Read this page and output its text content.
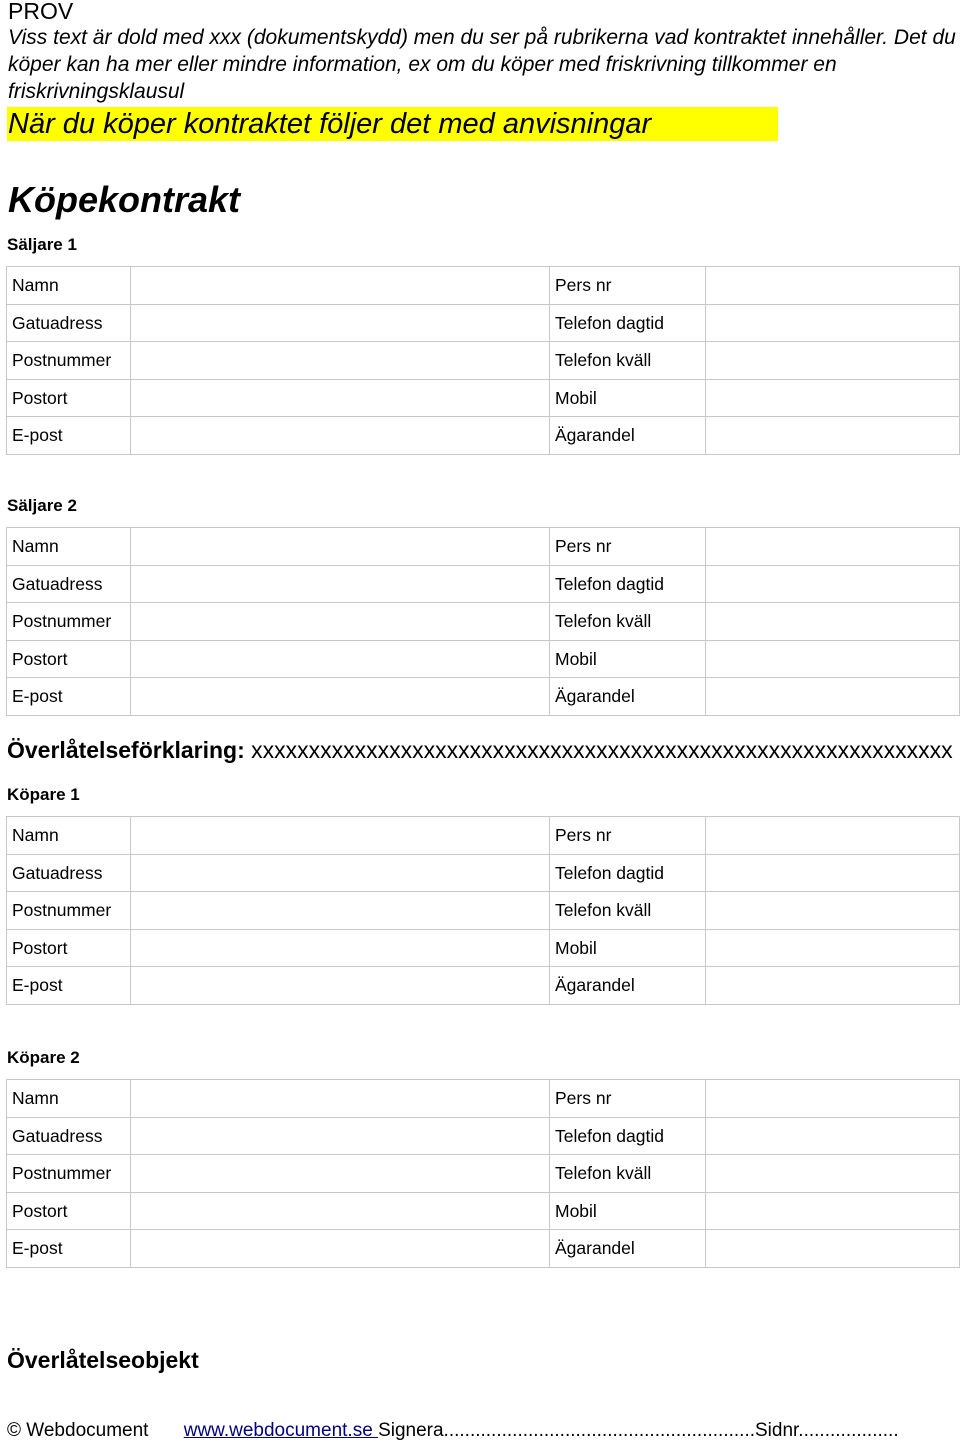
PROV
Viss text är dold med xxx (dokumentskydd) men du ser på rubrikerna vad kontraktet innehåller. Det du köper kan ha mer eller mindre information, ex om du köper med friskrivning tillkommer en friskrivningsklausul
När du köper kontraktet följer det med anvisningar
Köpekontrakt
Säljare 1
Namn		Pers nr	
Gatuadress		Telefon dagtid	
Postnummer		Telefon kväll	
Postort		Mobil	
E-post		Ägarandel	
Säljare 2
Namn		Pers nr	
Gatuadress		Telefon dagtid	
Postnummer		Telefon kväll	
Postort		Mobil	
E-post		Ägarandel	
Överlåtelseförklaring: xxxxxxxxxxxxxxxxxxxxxxxxxxxxxxxxxxxxxxxxxxxxxxxxxxxxxxxxxxxxx
Köpare 1
Namn		Pers nr	
Gatuadress		Telefon dagtid	
Postnummer		Telefon kväll	
Postort		Mobil	
E-post		Ägarandel	
Köpare 2
Namn		Pers nr	
Gatuadress		Telefon dagtid	
Postnummer		Telefon kväll	
Postort		Mobil	
E-post		Ägarandel	
Överlåtelseobjekt
© Webdocument www.webdocument.se Signera...........................................................Sidnr...................
